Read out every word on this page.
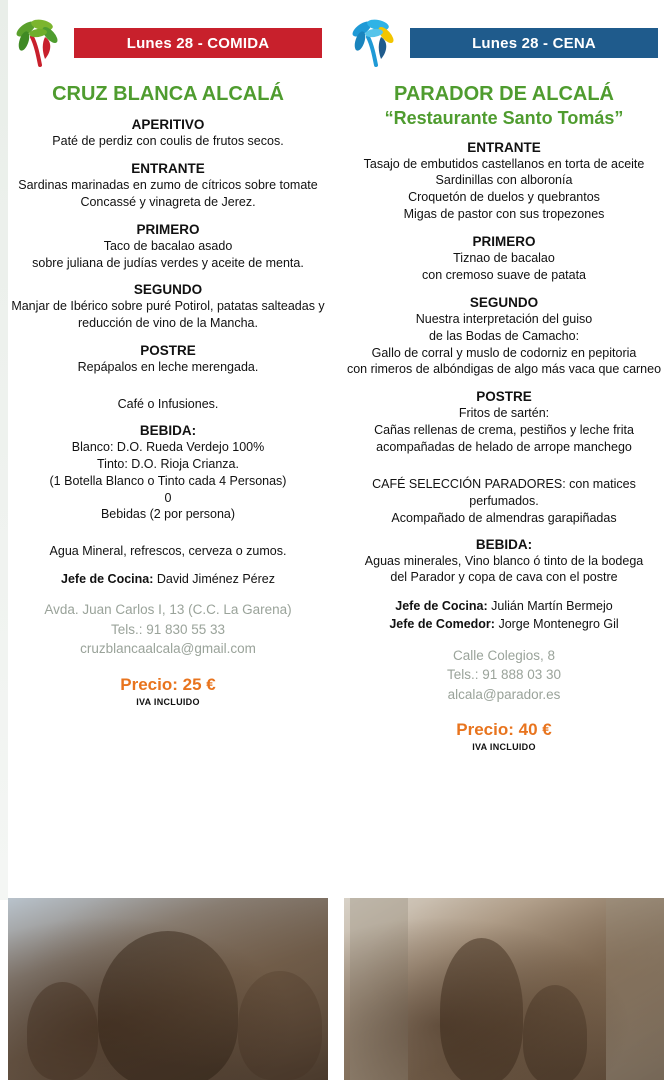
Lunes 28 - COMIDA
CRUZ BLANCA ALCALÁ
APERITIVO
Paté de perdiz con coulis de frutos secos.
ENTRANTE
Sardinas marinadas en zumo de cítricos sobre tomate
Concassé y vinagreta de Jerez.
PRIMERO
Taco de bacalao asado
sobre juliana de judías verdes y aceite de menta.
SEGUNDO
Manjar de Ibérico sobre puré Potirol, patatas salteadas y
reducción de vino de la Mancha.
POSTRE
Repápalos en leche merengada.
Café o Infusiones.
BEBIDA:
Blanco: D.O. Rueda Verdejo 100%
Tinto: D.O. Rioja Crianza.
(1 Botella Blanco o Tinto cada 4 Personas)
0
Bebidas (2 por persona)
Agua Mineral, refrescos, cerveza o zumos.
Jefe de Cocina: David Jiménez Pérez
Avda. Juan Carlos I, 13 (C.C. La Garena)
Tels.: 91 830 55 33
cruzblancaalcala@gmail.com
Precio: 25 €
IVA INCLUIDO
Lunes 28 - CENA
PARADOR DE ALCALÁ
“Restaurante Santo Tomás”
ENTRANTE
Tasajo de embutidos castellanos en torta de aceite
Sardinillas con alboronía
Croquetón de duelos y quebrantos
Migas de pastor con sus tropezones
PRIMERO
Tiznao de bacalao
con cremoso suave de patata
SEGUNDO
Nuestra interpretación del guiso
de las Bodas de Camacho:
Gallo de corral y muslo de codorniz en pepitoria
con rimeros de albóndigas de algo más vaca que carneo
POSTRE
Fritos de sartén:
Cañas rellenas de crema, pestiños y leche frita
acompañadas de helado de arrope manchego
CAFÉ SELECCIÓN PARADORES: con matices perfumados.
Acompañado de almendras garapiñadas
BEBIDA:
Aguas minerales, Vino blanco ó tinto de la bodega
del Parador y copa de cava con el postre
Jefe de Cocina: Julián Martín Bermejo
Jefe de Comedor: Jorge Montenegro Gil
Calle Colegios, 8
Tels.: 91 888 03 30
alcala@parador.es
Precio: 40 €
IVA INCLUIDO
